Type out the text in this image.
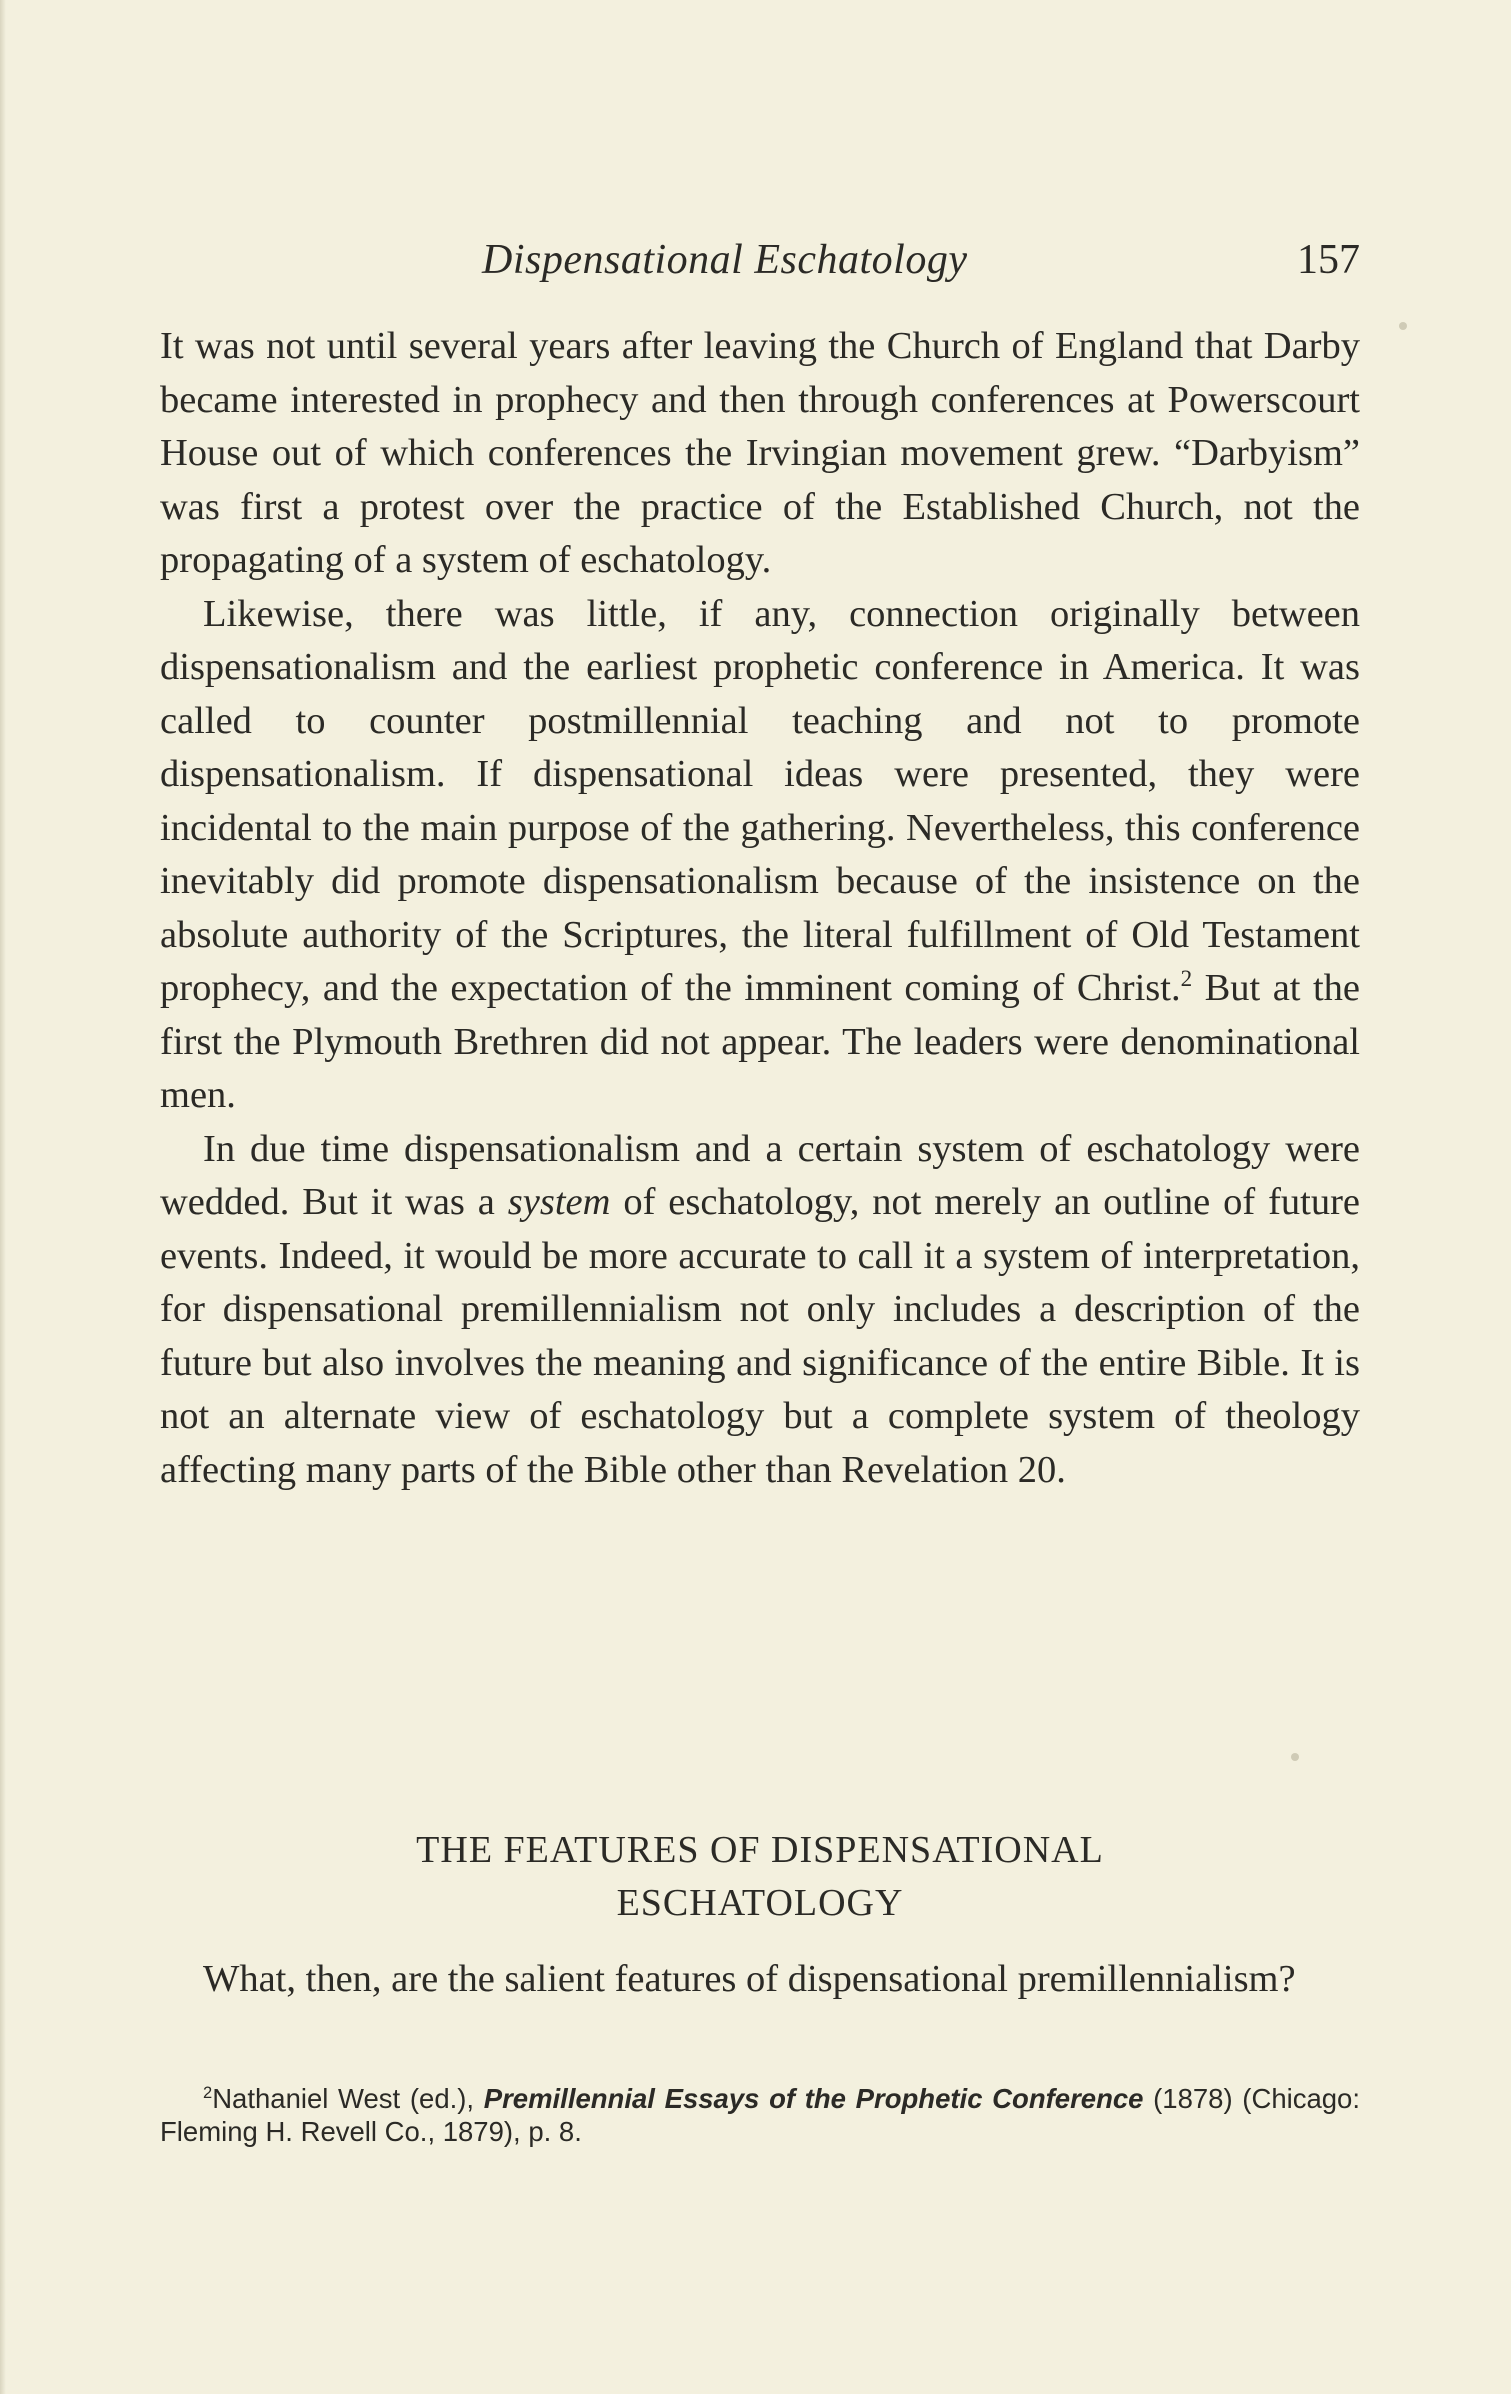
Dispensational Eschatology	157

It was not until several years after leaving the Church of England that Darby became interested in prophecy and then through conferences at Powerscourt House out of which conferences the Irvingian movement grew. “Darbyism” was first a protest over the practice of the Established Church, not the propagating of a system of eschatology.

Likewise, there was little, if any, connection originally between dispensationalism and the earliest prophetic conference in America. It was called to counter postmillennial teaching and not to promote dispensationalism. If dispensational ideas were presented, they were incidental to the main purpose of the gathering. Nevertheless, this conference inevitably did promote dispensationalism because of the insistence on the absolute authority of the Scriptures, the literal fulfillment of Old Testament prophecy, and the expectation of the imminent coming of Christ.$^2$ But at the first the Plymouth Brethren did not appear. The leaders were denominational men.

In due time dispensationalism and a certain system of eschatology were wedded. But it was a system of eschatology, not merely an outline of future events. Indeed, it would be more accurate to call it a system of interpretation, for dispensational premillennialism not only includes a description of the future but also involves the meaning and significance of the entire Bible. It is not an alternate view of eschatology but a complete system of theology affecting many parts of the Bible other than Revelation 20.

THE FEATURES OF DISPENSATIONAL
ESCHATOLOGY

What, then, are the salient features of dispensational premillennialism?

$^2$Nathaniel West (ed.), Premillennial Essays of the Prophetic Conference (1878) (Chicago: Fleming H. Revell Co., 1879), p. 8.
